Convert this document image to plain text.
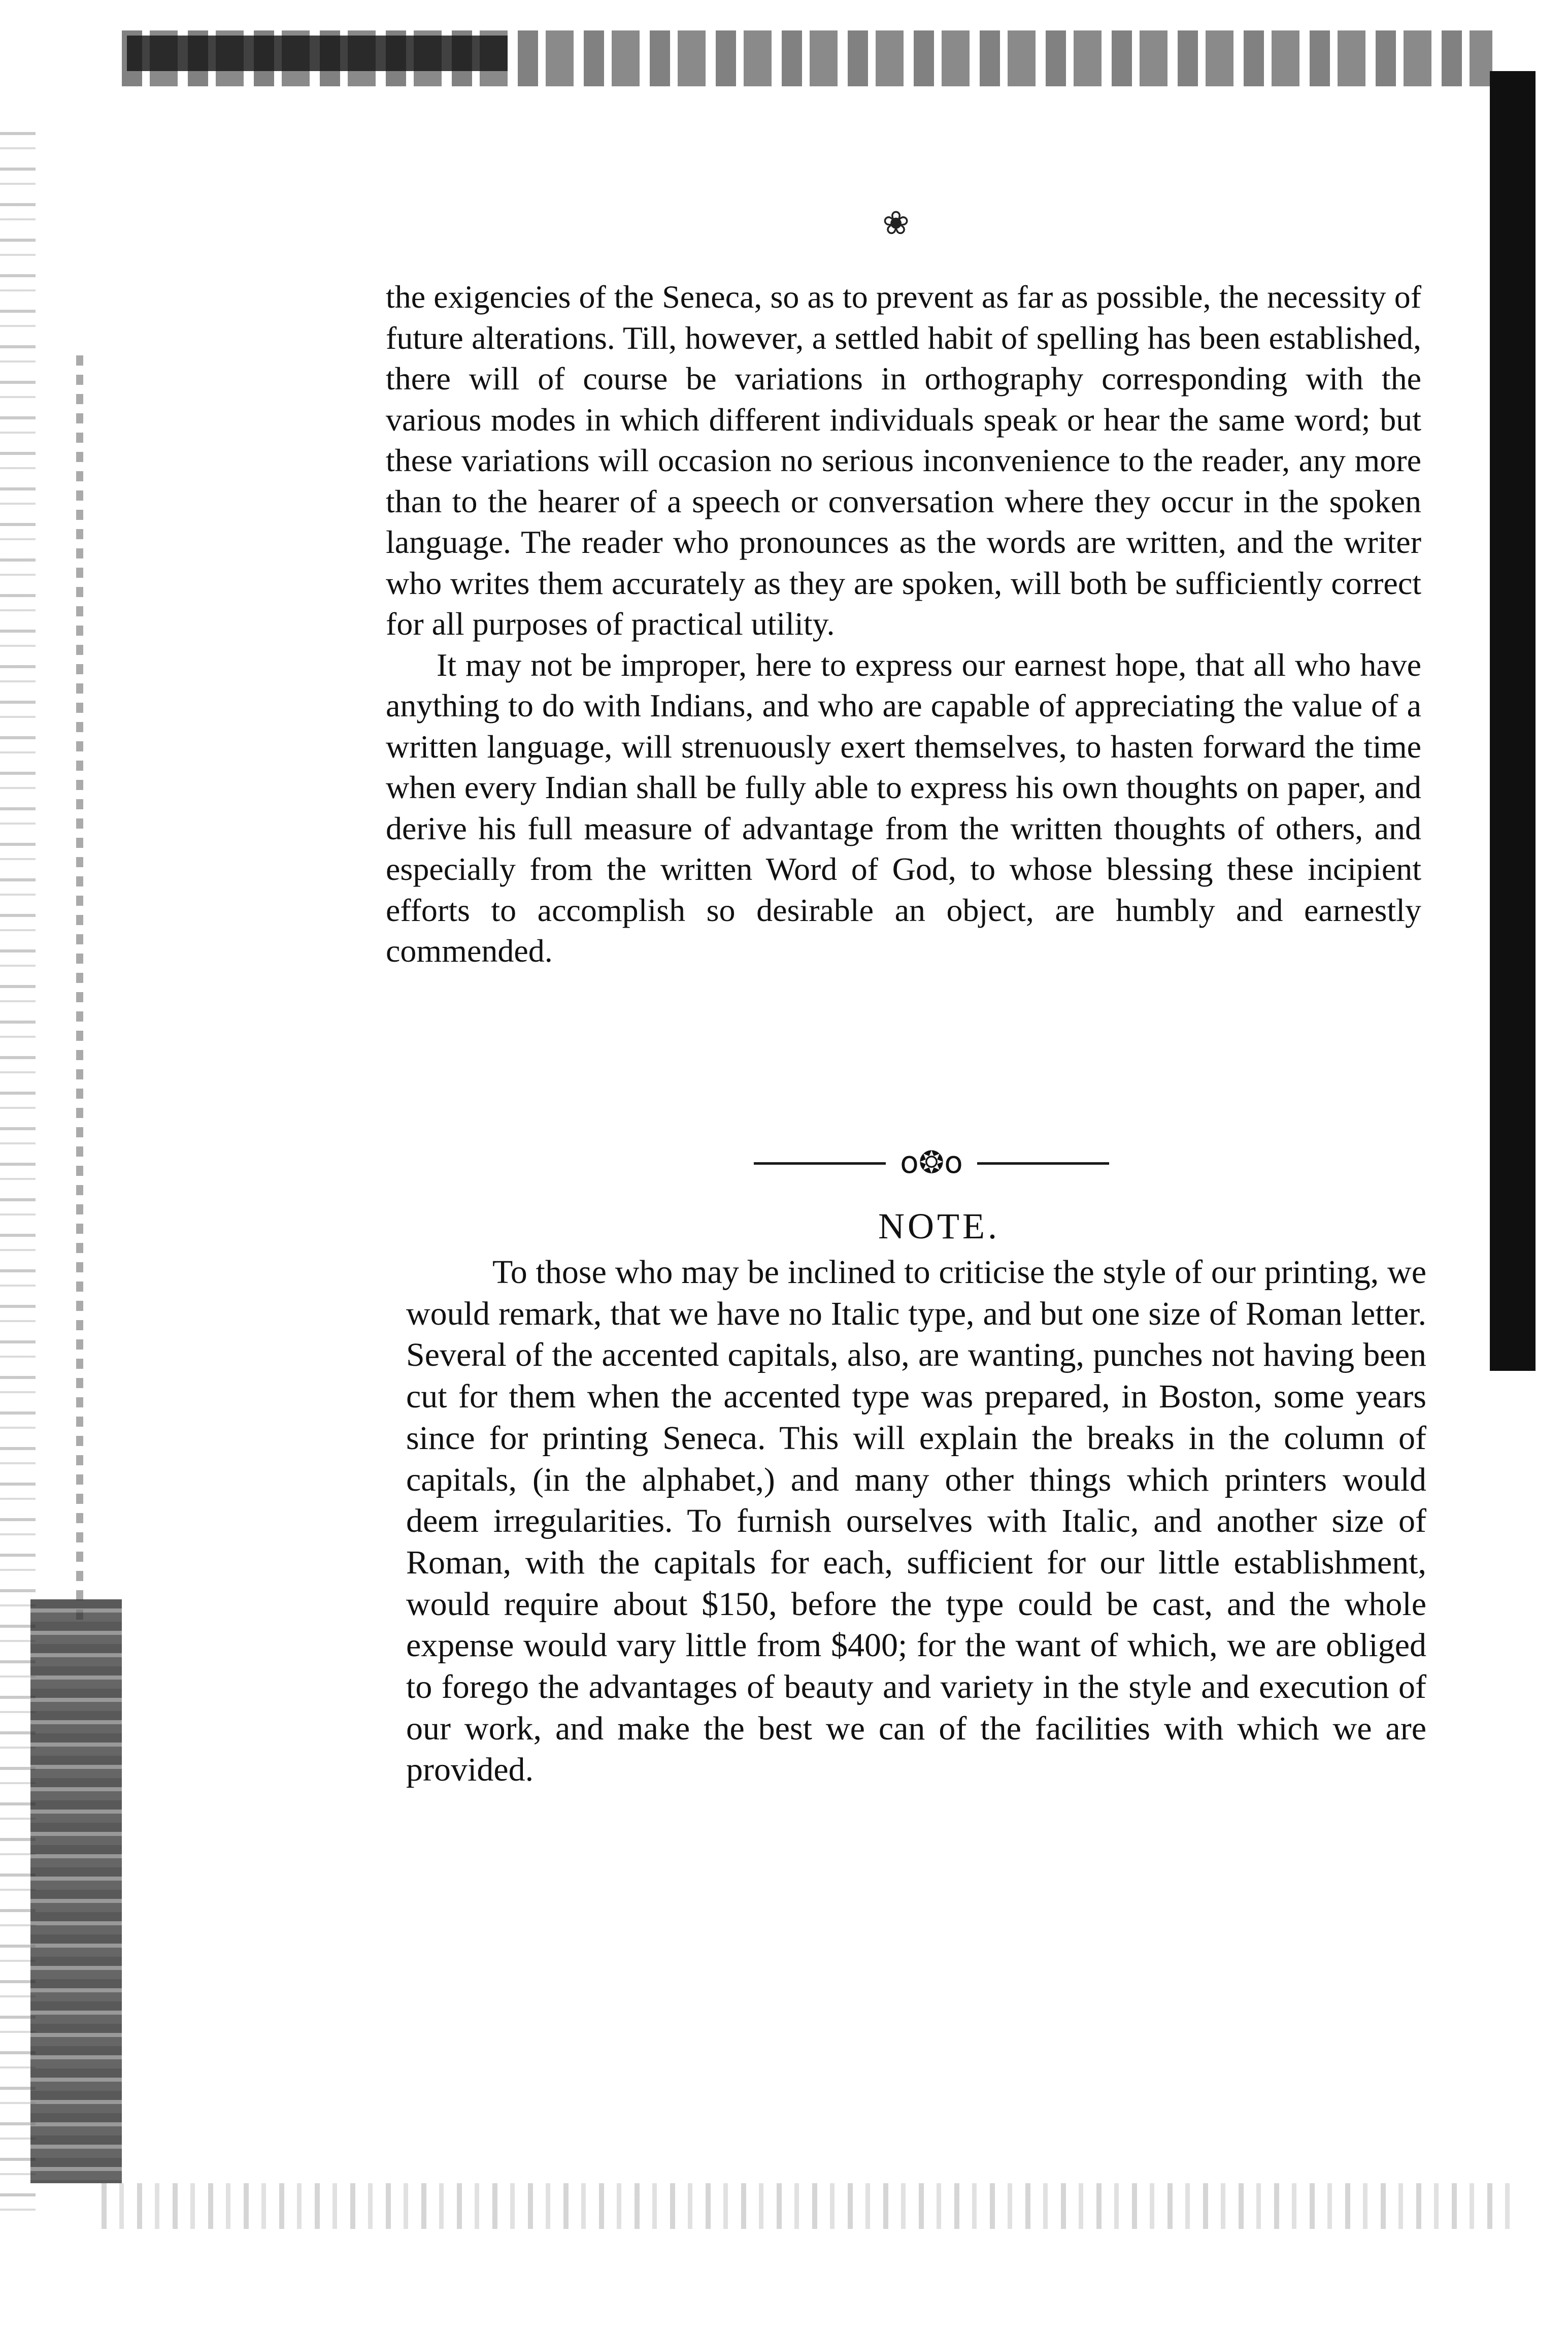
❀

the exigencies of the Seneca, so as to prevent as far as possible, the necessity of future alterations. Till, however, a settled habit of spelling has been established, there will of course be variations in orthography corresponding with the various modes in which different individuals speak or hear the same word; but these variations will occasion no serious inconvenience to the reader, any more than to the hearer of a speech or conversation where they occur in the spoken language. The reader who pronounces as the words are written, and the writer who writes them accurately as they are spoken, will both be sufficiently correct for all purposes of practical utility.

It may not be improper, here to express our earnest hope, that all who have anything to do with Indians, and who are capable of appreciating the value of a written language, will strenuously exert themselves, to hasten forward the time when every Indian shall be fully able to express his own thoughts on paper, and derive his full measure of advantage from the written thoughts of others, and especially from the written Word of God, to whose blessing these incipient efforts to accomplish so desirable an object, are humbly and earnestly commended.

o❂o
NOTE.

To those who may be inclined to criticise the style of our printing, we would remark, that we have no Italic type, and but one size of Roman letter. Several of the accented capitals, also, are wanting, punches not having been cut for them when the accented type was prepared, in Boston, some years since for printing Seneca. This will explain the breaks in the column of capitals, (in the alphabet,) and many other things which printers would deem irregularities. To furnish ourselves with Italic, and another size of Roman, with the capitals for each, sufficient for our little establishment, would require about $150, before the type could be cast, and the whole expense would vary little from $400; for the want of which, we are obliged to forego the advantages of beauty and variety in the style and execution of our work, and make the best we can of the facilities with which we are provided.
